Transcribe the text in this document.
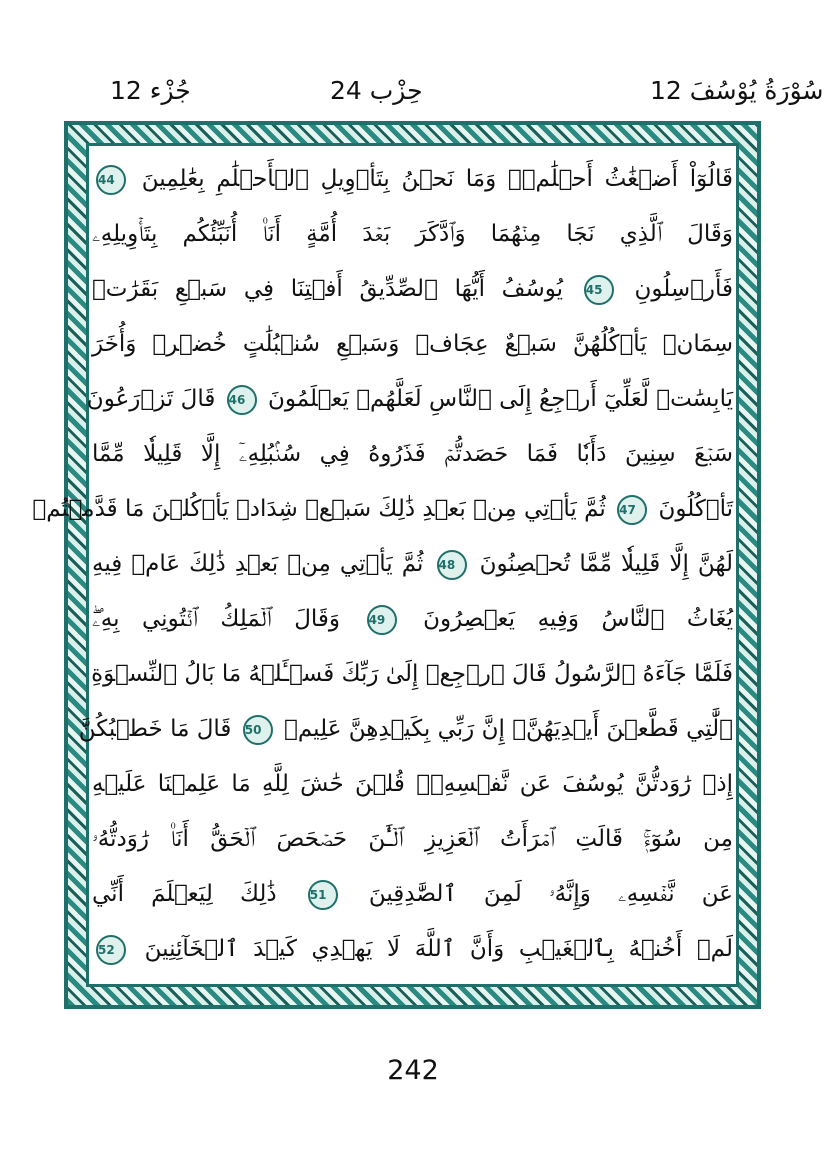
جُزْء 12	حِزْب 24	12 سُوْرَةُ يُوْسُفَ
قَالُوٓاْ أَضۡغَٰثُ أَحۡلَٰمٖۖ وَمَا نَحۡنُ بِتَأۡوِيلِ ٱلۡأَحۡلَٰمِ بِعَٰلِمِينَ 44
وَقَالَ ٱلَّذِي نَجَا مِنۡهُمَا وَٱدَّكَرَ بَعۡدَ أُمَّةٍ أَنَا۠ أُنَبِّئُكُم بِتَأۡوِيلِهِۦ
فَأَرۡسِلُونِ 45 يُوسُفُ أَيُّهَا ٱلصِّدِّيقُ أَفۡتِنَا فِي سَبۡعِ بَقَرَٰتٖ
سِمَانٖ يَأۡكُلُهُنَّ سَبۡعٌ عِجَافٞ وَسَبۡعِ سُنۢبُلَٰتٍ خُضۡرٖ وَأُخَرَ
يَابِسَٰتٖ لَّعَلِّيٓ أَرۡجِعُ إِلَى ٱلنَّاسِ لَعَلَّهُمۡ يَعۡلَمُونَ 46 قَالَ تَزۡرَعُونَ
سَبۡعَ سِنِينَ دَأَبٗا فَمَا حَصَدتُّمۡ فَذَرُوهُ فِي سُنۢبُلِهِۦٓ إِلَّا قَلِيلٗا مِّمَّا
تَأۡكُلُونَ 47 ثُمَّ يَأۡتِي مِنۢ بَعۡدِ ذَٰلِكَ سَبۡعٞ شِدَادٞ يَأۡكُلۡنَ مَا قَدَّمۡتُمۡ
لَهُنَّ إِلَّا قَلِيلٗا مِّمَّا تُحۡصِنُونَ 48 ثُمَّ يَأۡتِي مِنۢ بَعۡدِ ذَٰلِكَ عَامٞ فِيهِ
يُغَاثُ ٱلنَّاسُ وَفِيهِ يَعۡصِرُونَ 49 وَقَالَ ٱلۡمَلِكُ ٱئۡتُونِي بِهِۦۖ
فَلَمَّا جَآءَهُ ٱلرَّسُولُ قَالَ ٱرۡجِعۡ إِلَىٰ رَبِّكَ فَسۡـَٔلۡهُ مَا بَالُ ٱلنِّسۡوَةِ
ٱلَّٰتِي قَطَّعۡنَ أَيۡدِيَهُنَّۚ إِنَّ رَبِّي بِكَيۡدِهِنَّ عَلِيمٞ 50 قَالَ مَا خَطۡبُكُنَّ
إِذۡ رَٰوَدتُّنَّ يُوسُفَ عَن نَّفۡسِهِۦۚ قُلۡنَ حَٰشَ لِلَّهِ مَا عَلِمۡنَا عَلَيۡهِ
مِن سُوٓءٖۚ قَالَتِ ٱمۡرَأَتُ ٱلۡعَزِيزِ ٱلۡـَٰٔنَ حَصۡحَصَ ٱلۡحَقُّ أَنَا۠ رَٰوَدتُّهُۥ
عَن نَّفۡسِهِۦ وَإِنَّهُۥ لَمِنَ ٱلصَّٰدِقِينَ 51 ذَٰلِكَ لِيَعۡلَمَ أَنِّي
لَمۡ أَخُنۡهُ بِٱلۡغَيۡبِ وَأَنَّ ٱللَّهَ لَا يَهۡدِي كَيۡدَ ٱلۡخَآئِنِينَ 52
242
